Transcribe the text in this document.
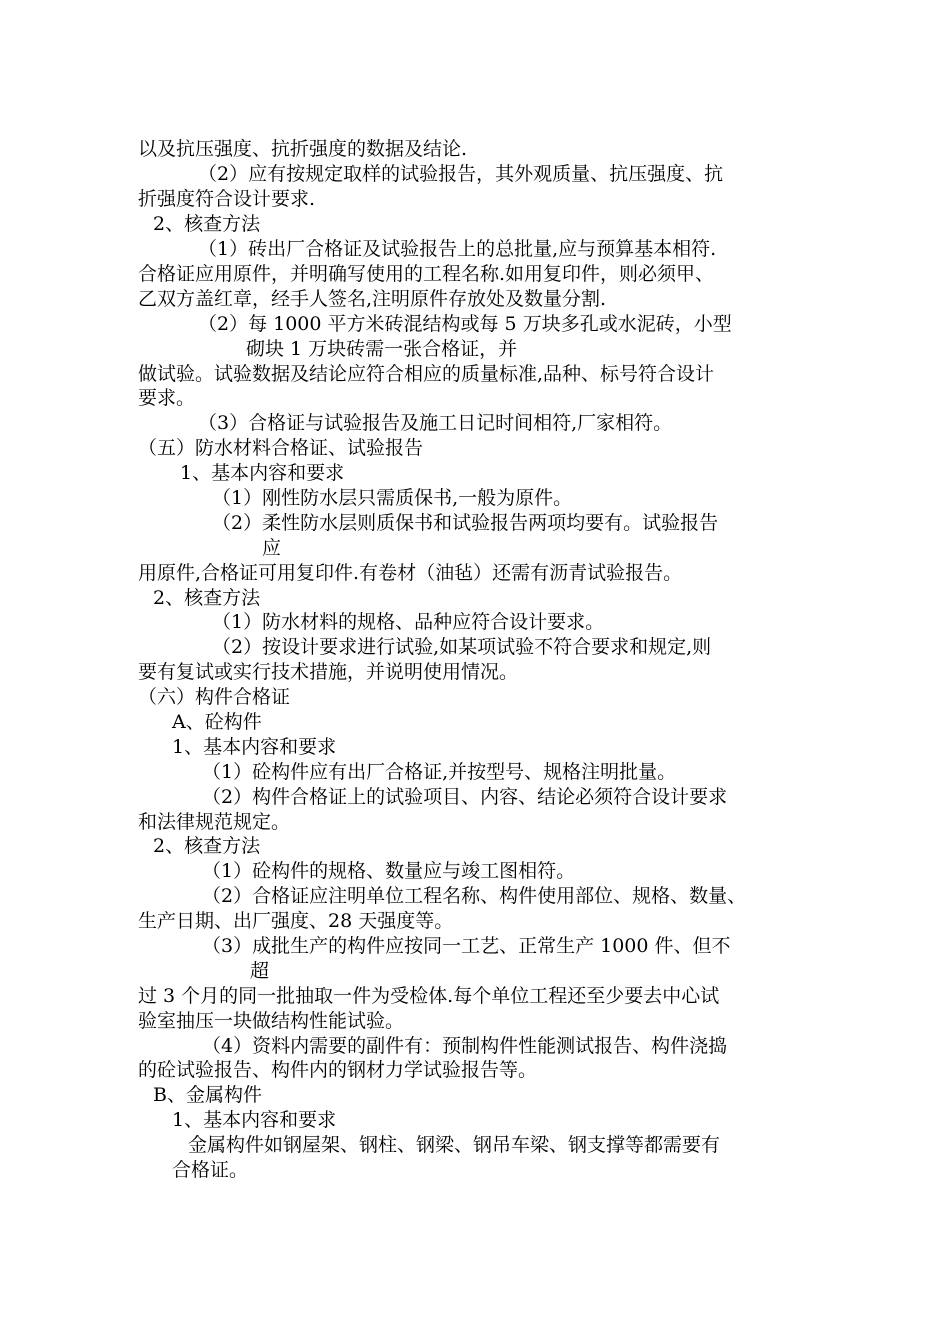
以及抗压强度、抗折强度的数据及结论.
（2）应有按规定取样的试验报告，其外观质量、抗压强度、抗
折强度符合设计要求.
2、核查方法
（1）砖出厂合格证及试验报告上的总批量,应与预算基本相符.
合格证应用原件，并明确写使用的工程名称.如用复印件，则必须甲、
乙双方盖红章，经手人签名,注明原件存放处及数量分割.
（2）每 1000 平方米砖混结构或每 5 万块多孔或水泥砖，小型
砌块 1 万块砖需一张合格证，并
做试验。试验数据及结论应符合相应的质量标准,品种、标号符合设计
要求。
（3）合格证与试验报告及施工日记时间相符,厂家相符。
（五）防水材料合格证、试验报告
1、基本内容和要求
（1）刚性防水层只需质保书,一般为原件。
（2）柔性防水层则质保书和试验报告两项均要有。试验报告
应
用原件,合格证可用复印件.有卷材（油毡）还需有沥青试验报告。
2、核查方法
（1）防水材料的规格、品种应符合设计要求。
（2）按设计要求进行试验,如某项试验不符合要求和规定,则
要有复试或实行技术措施，并说明使用情况。
（六）构件合格证
A、砼构件
1、基本内容和要求
（1）砼构件应有出厂合格证,并按型号、规格注明批量。
（2）构件合格证上的试验项目、内容、结论必须符合设计要求
和法律规范规定。
2、核查方法
（1）砼构件的规格、数量应与竣工图相符。
（2）合格证应注明单位工程名称、构件使用部位、规格、数量、
生产日期、出厂强度、28 天强度等。
（3）成批生产的构件应按同一工艺、正常生产 1000 件、但不
超
过 3 个月的同一批抽取一件为受检体.每个单位工程还至少要去中心试
验室抽压一块做结构性能试验。
（4）资料内需要的副件有：预制构件性能测试报告、构件浇捣
的砼试验报告、构件内的钢材力学试验报告等。
B、金属构件
1、基本内容和要求
金属构件如钢屋架、钢柱、钢梁、钢吊车梁、钢支撑等都需要有
合格证。
